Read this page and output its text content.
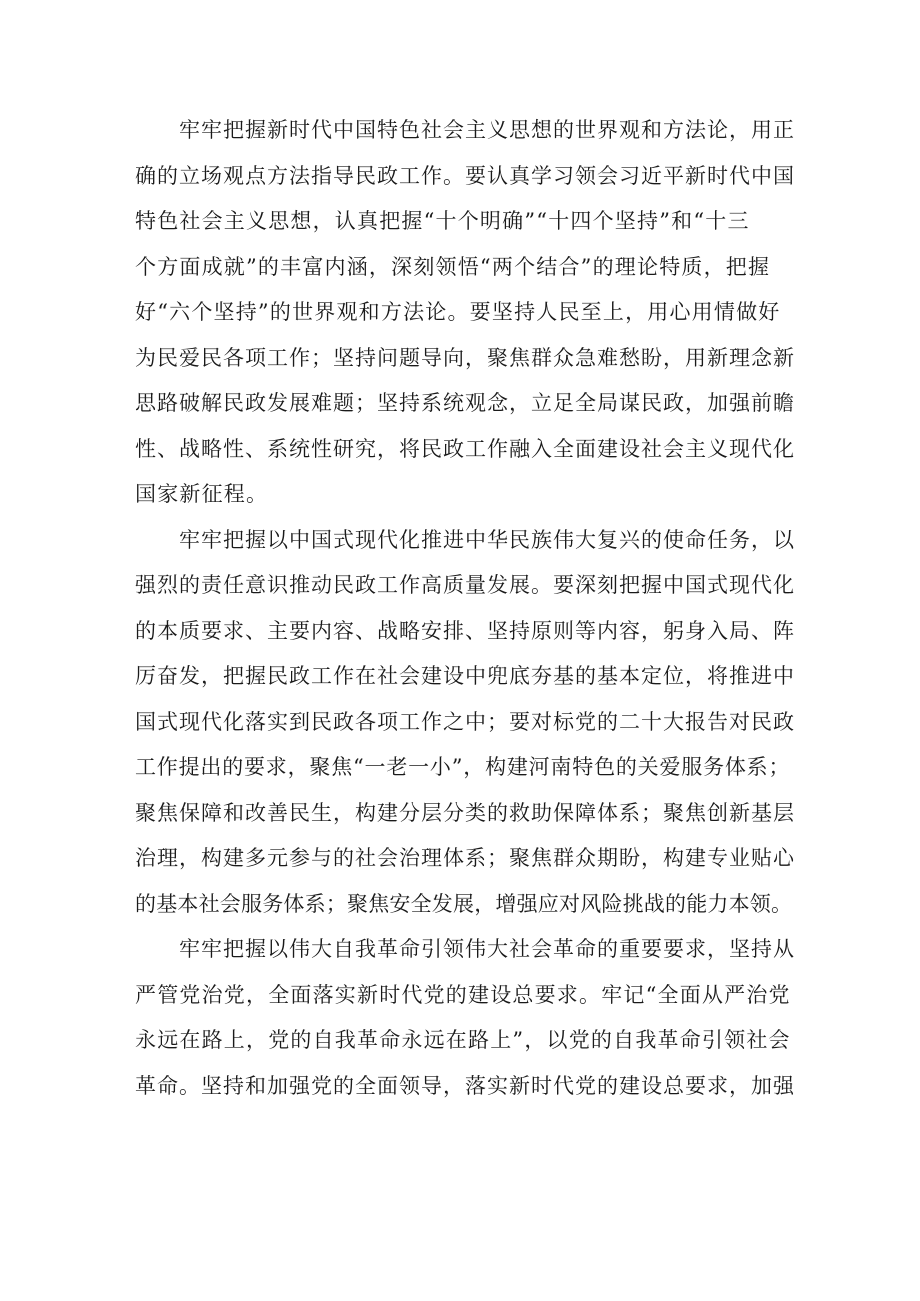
牢牢把握新时代中国特色社会主义思想的世界观和方法论，用正
确的立场观点方法指导民政工作。要认真学习领会习近平新时代中国
特色社会主义思想，认真把握“十个明确”“十四个坚持”和“十三
个方面成就”的丰富内涵，深刻领悟“两个结合”的理论特质，把握
好“六个坚持”的世界观和方法论。要坚持人民至上，用心用情做好
为民爱民各项工作；坚持问题导向，聚焦群众急难愁盼，用新理念新
思路破解民政发展难题；坚持系统观念，立足全局谋民政，加强前瞻
性、战略性、系统性研究，将民政工作融入全面建设社会主义现代化
国家新征程。
牢牢把握以中国式现代化推进中华民族伟大复兴的使命任务，以
强烈的责任意识推动民政工作高质量发展。要深刻把握中国式现代化
的本质要求、主要内容、战略安排、坚持原则等内容，躬身入局、阵
厉奋发，把握民政工作在社会建设中兜底夯基的基本定位，将推进中
国式现代化落实到民政各项工作之中；要对标党的二十大报告对民政
工作提出的要求，聚焦“一老一小”，构建河南特色的关爱服务体系；
聚焦保障和改善民生，构建分层分类的救助保障体系；聚焦创新基层
治理，构建多元参与的社会治理体系；聚焦群众期盼，构建专业贴心
的基本社会服务体系；聚焦安全发展，增强应对风险挑战的能力本领。
牢牢把握以伟大自我革命引领伟大社会革命的重要要求，坚持从
严管党治党，全面落实新时代党的建设总要求。牢记“全面从严治党
永远在路上，党的自我革命永远在路上”，以党的自我革命引领社会
革命。坚持和加强党的全面领导，落实新时代党的建设总要求，加强
